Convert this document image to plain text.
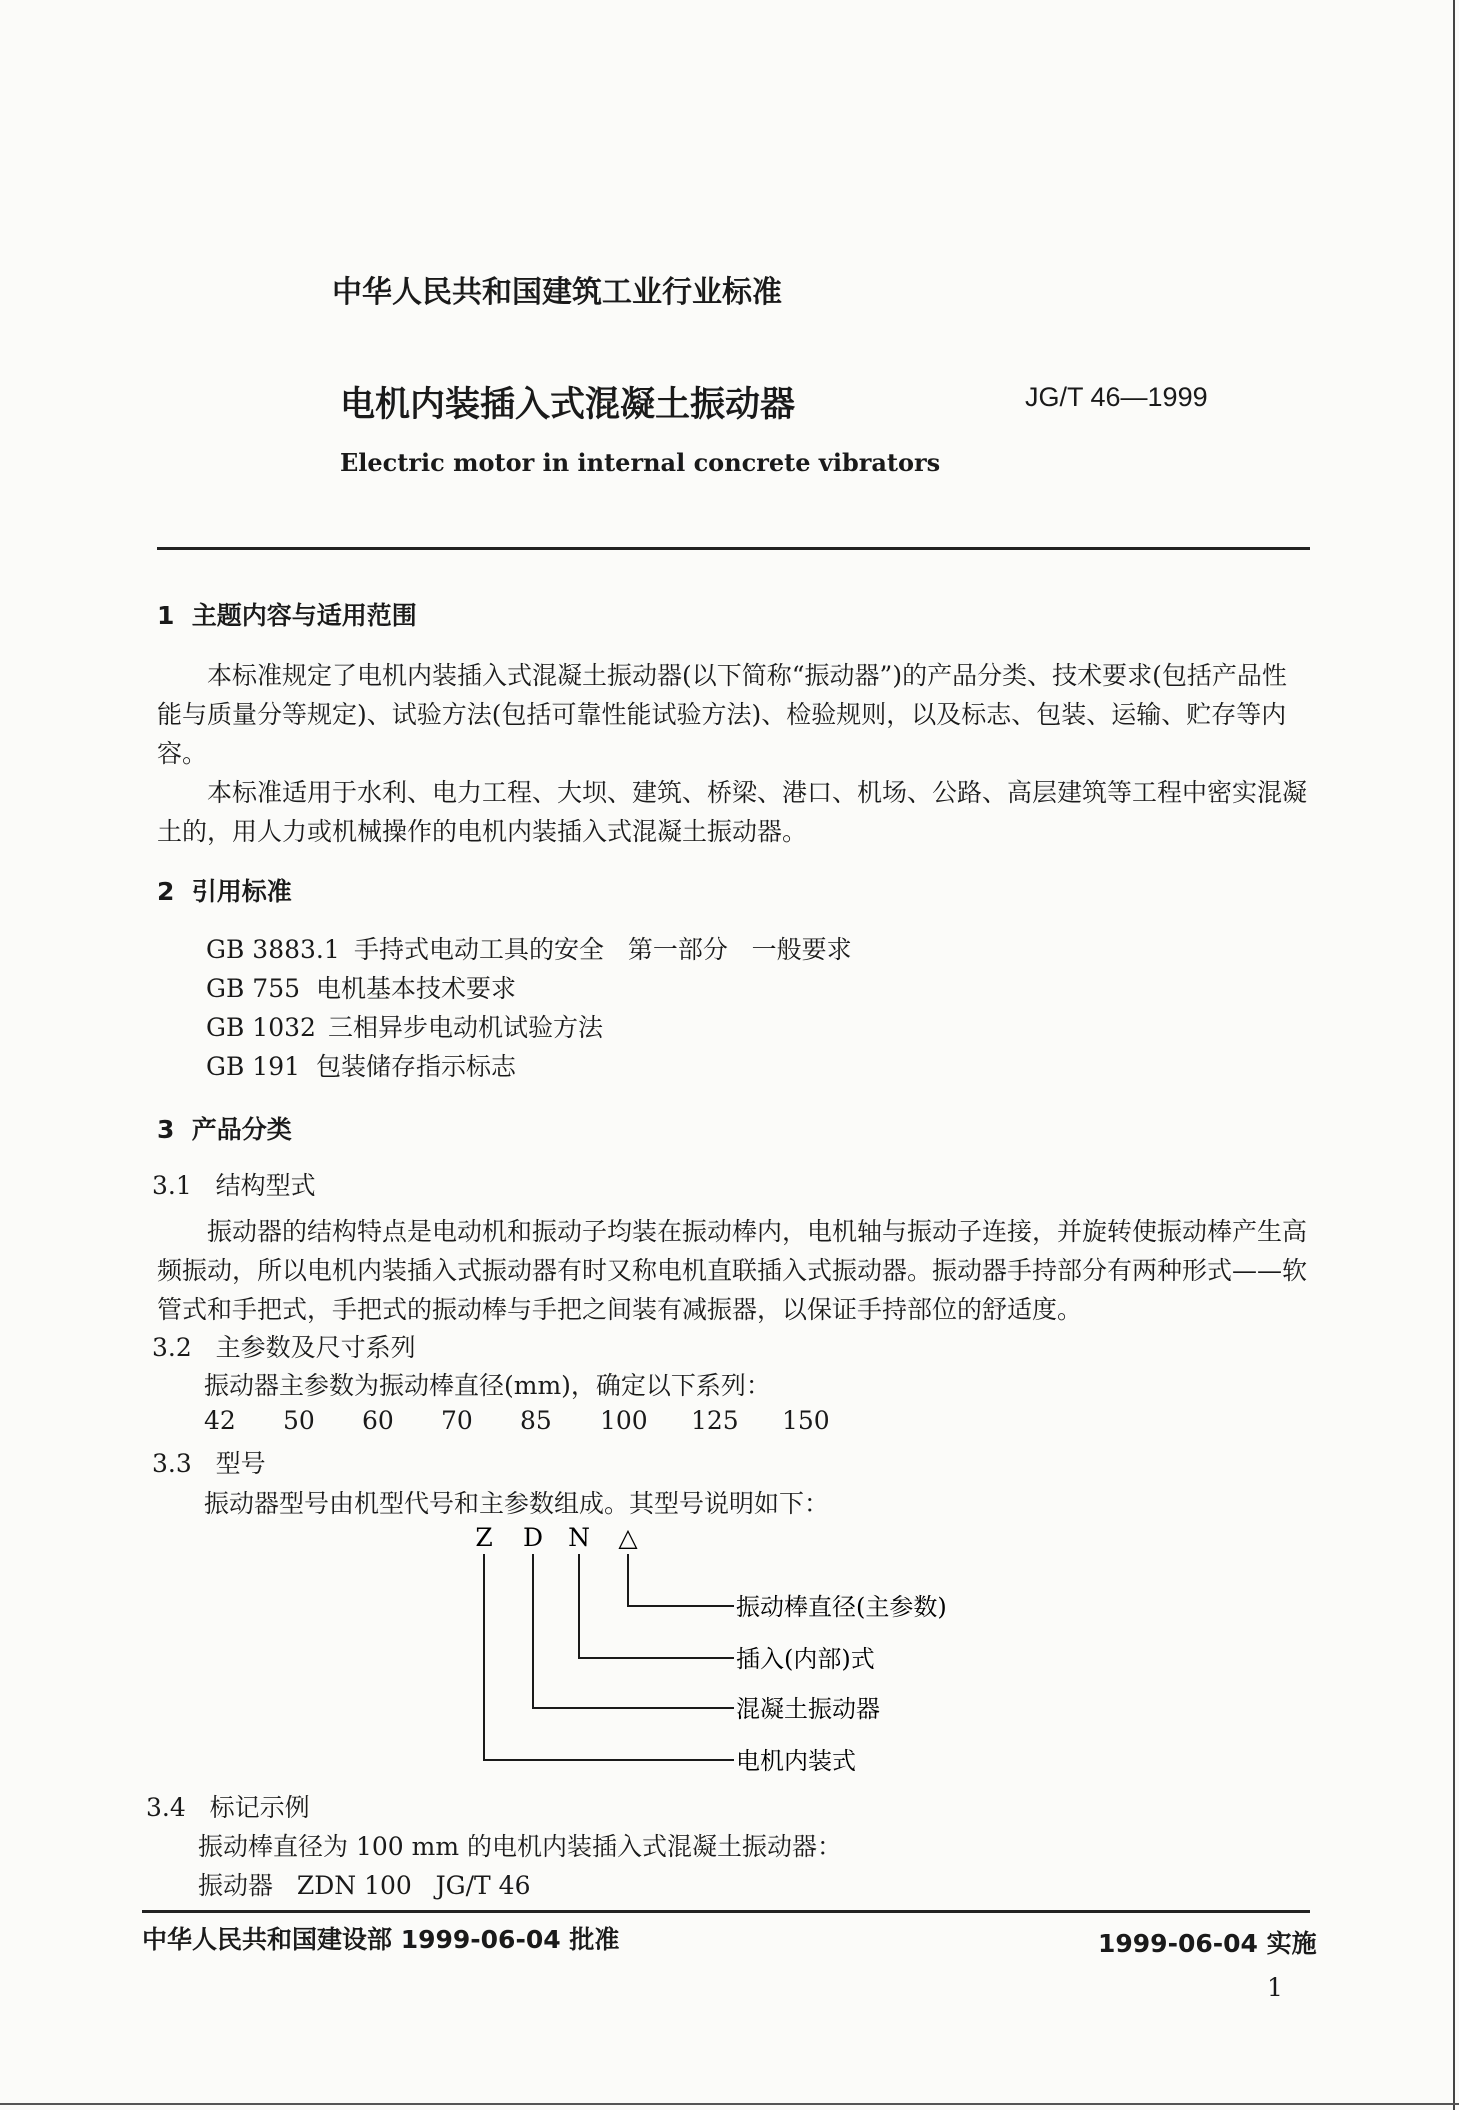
中华人民共和国建筑工业行业标准
电机内装插入式混凝土振动器	JG/T 46—1999
Electric motor in internal concrete vibrators
1  主题内容与适用范围

本标准规定了电机内装插入式混凝土振动器(以下简称“振动器”)的产品分类、技术要求(包括产品性能与质量分等规定)、试验方法(包括可靠性能试验方法)、检验规则，以及标志、包装、运输、贮存等内容。

本标准适用于水利、电力工程、大坝、建筑、桥梁、港口、机场、公路、高层建筑等工程中密实混凝土的，用人力或机械操作的电机内装插入式混凝土振动器。

2  引用标准
GB 3883.1 手持式电动工具的安全   第一部分   一般要求
GB 755 电机基本技术要求
GB 1032 三相异步电动机试验方法
GB 191 包装储存指示标志
3  产品分类
3.1   结构型式

振动器的结构特点是电动机和振动子均装在振动棒内，电机轴与振动子连接，并旋转使振动棒产生高频振动，所以电机内装插入式振动器有时又称电机直联插入式振动器。振动器手持部分有两种形式——软管式和手把式，手把式的振动棒与手把之间装有减振器，以保证手持部位的舒适度。

3.2   主参数及尺寸系列
振动器主参数为振动棒直径(mm)，确定以下系列：
42 50 60 70 85 100 125 150
3.3   型号
振动器型号由机型代号和主参数组成。其型号说明如下：
Z D N △
振动棒直径(主参数)
插入(内部)式
混凝土振动器
电机内装式
3.4   标记示例
振动棒直径为 100 mm 的电机内装插入式混凝土振动器：
振动器   ZDN 100   JG/T 46
中华人民共和国建设部 1999-06-04 批准	1999-06-04 实施
1
